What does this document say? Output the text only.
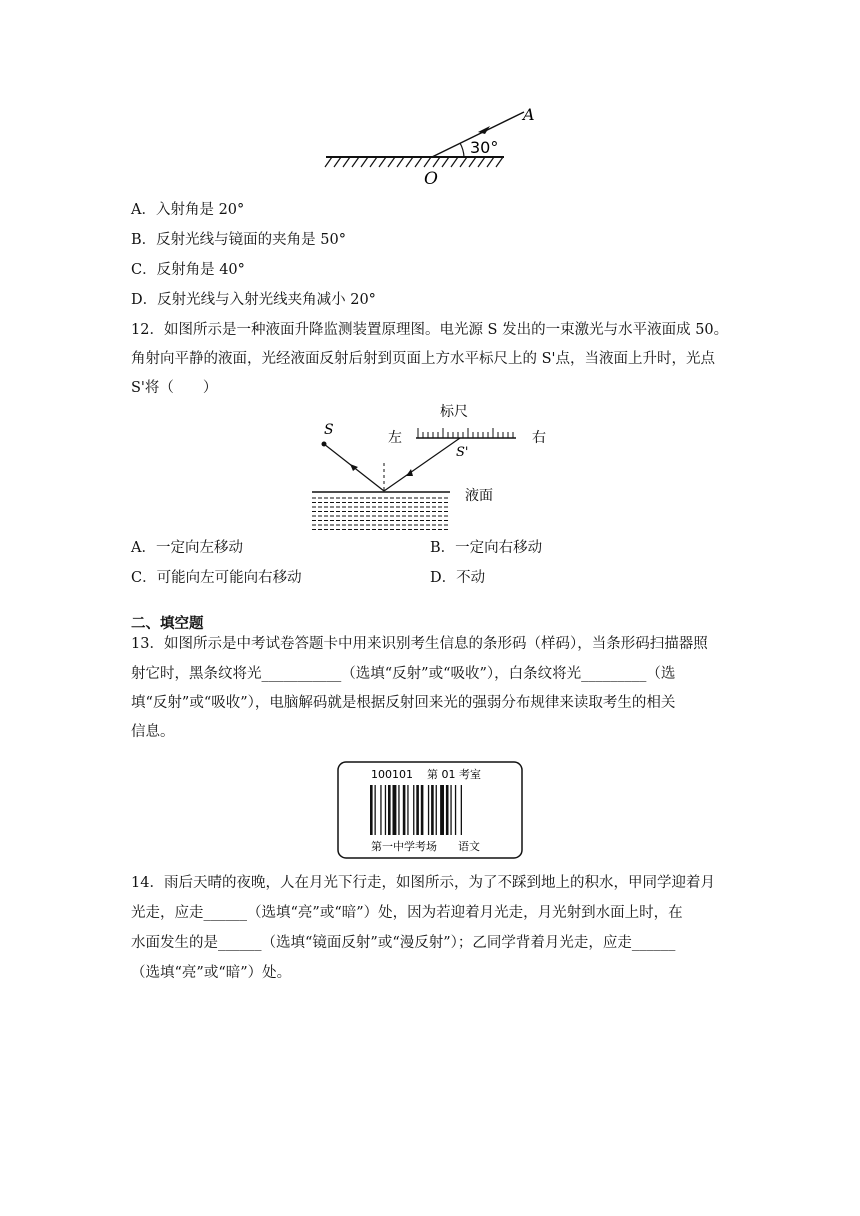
A
O
30°
A．入射角是 20°
B．反射光线与镜面的夹角是 50°
C．反射角是 40°
D．反射光线与入射光线夹角减小 20°
12．如图所示是一种液面升降监测装置原理图。电光源 S 发出的一束激光与水平液面成 50。
角射向平静的液面，光经液面反射后射到页面上方水平标尺上的 S'点，当液面上升时，光点
S'将（　　）
标尺
左	右
S
S'
液面
A．一定向左移动	B．一定向右移动
C．可能向左可能向右移动	D．不动
二、填空题
13．如图所示是中考试卷答题卡中用来识别考生信息的条形码（样码），当条形码扫描器照
射它时，黑条纹将光___________（选填“反射”或“吸收”），白条纹将光_________（选
填“反射”或“吸收”），电脑解码就是根据反射回来光的强弱分布规律来读取考生的相关
信息。
100101 第 01 考室
第一中学考场 语文
14．雨后天晴的夜晚，人在月光下行走，如图所示，为了不踩到地上的积水，甲同学迎着月
光走，应走______（选填“亮”或“暗”）处，因为若迎着月光走，月光射到水面上时，在
水面发生的是______（选填“镜面反射”或“漫反射”）；乙同学背着月光走，应走______
（选填“亮”或“暗”）处。
